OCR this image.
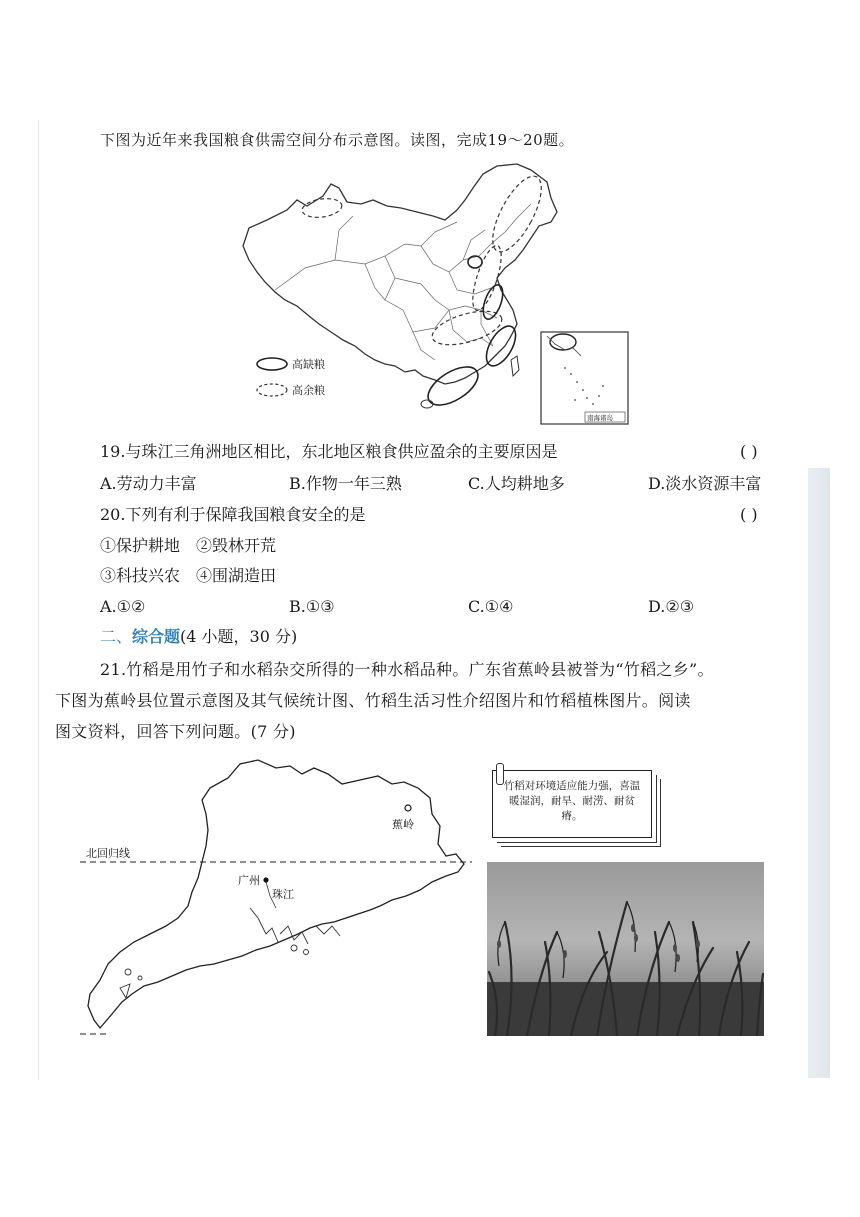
下图为近年来我国粮食供需空间分布示意图。读图，完成19～20题。
高缺粮
高余粮
南海诸岛
19.与珠江三角洲地区相比，东北地区粮食供应盈余的主要原因是	( )
A.劳动力丰富	B.作物一年三熟	C.人均耕地多	D.淡水资源丰富
20.下列有利于保障我国粮食安全的是	( )
①保护耕地　②毁林开荒
③科技兴农　④围湖造田
A.①②	B.①③	C.①④	D.②③
二、综合题(4 小题，30 分)
21.竹稻是用竹子和水稻杂交所得的一种水稻品种。广东省蕉岭县被誉为“竹稻之乡”。
下图为蕉岭县位置示意图及其气候统计图、竹稻生活习性介绍图片和竹稻植株图片。阅读
图文资料，回答下列问题。(7 分)
北回归线
蕉岭
广州
珠江
竹稻对环境适应能力强，喜温暖湿润，耐旱、耐涝、耐贫瘠。
